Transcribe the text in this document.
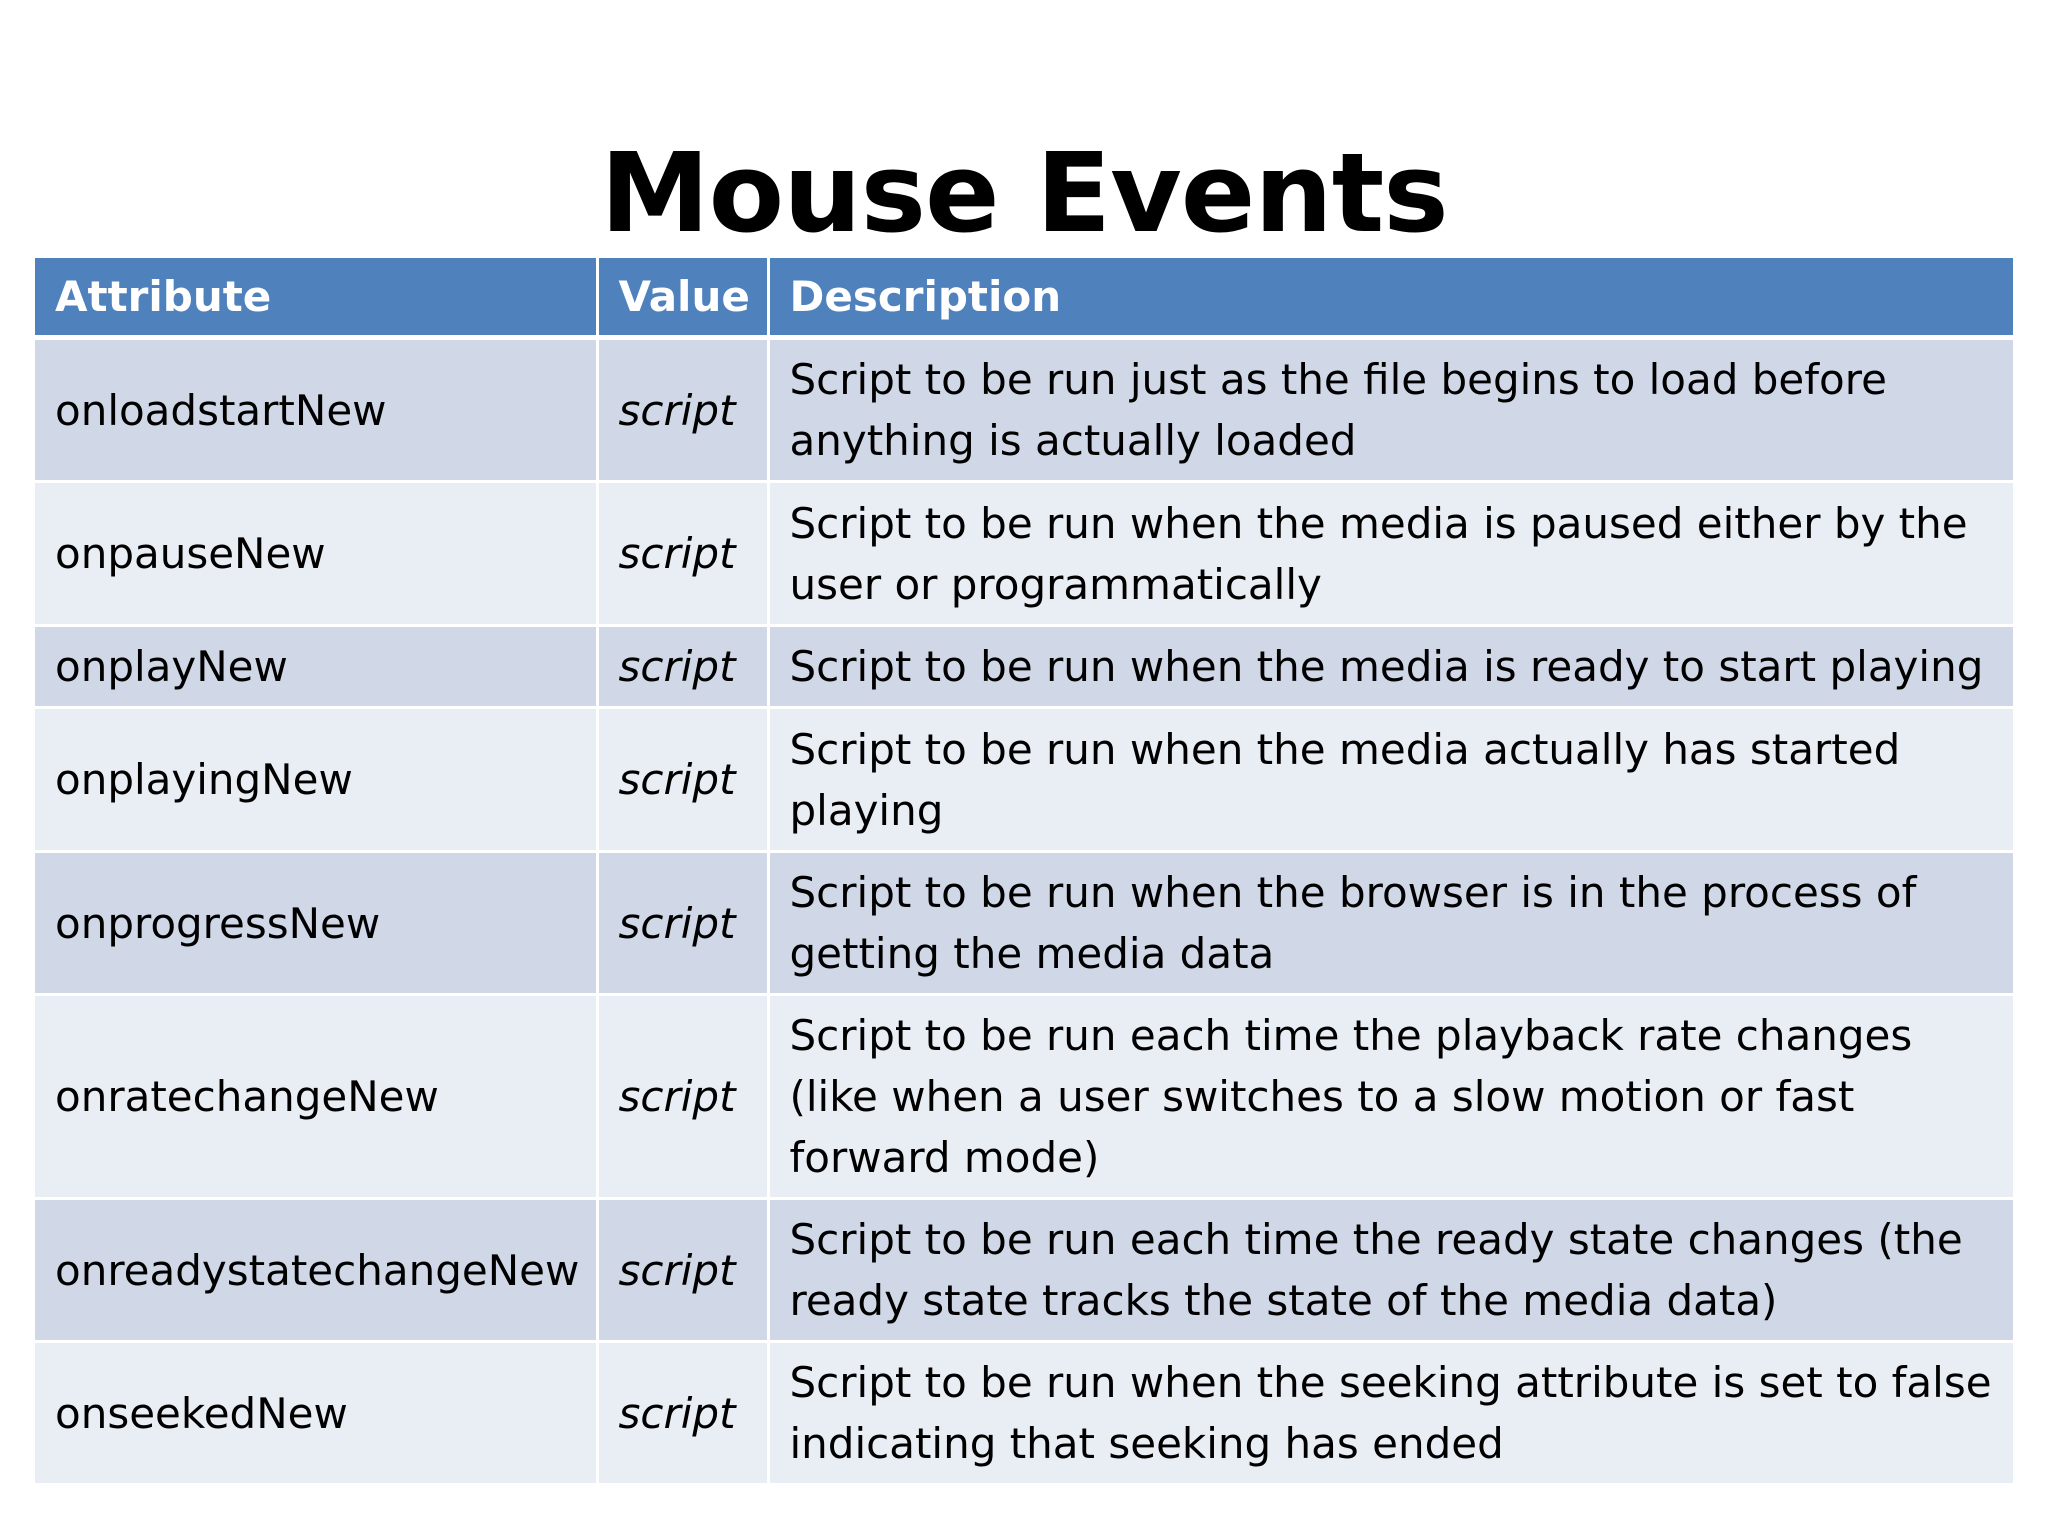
Mouse Events
Attribute	Value	Description
onloadstartNew	script	Script to be run just as the file begins to load before anything is actually loaded
onpauseNew	script	Script to be run when the media is paused either by the user or programmatically
onplayNew	script	Script to be run when the media is ready to start playing
onplayingNew	script	Script to be run when the media actually has started playing
onprogressNew	script	Script to be run when the browser is in the process of getting the media data
onratechangeNew	script	Script to be run each time the playback rate changes (like when a user switches to a slow motion or fast forward mode)
onreadystatechangeNew	script	Script to be run each time the ready state changes (the ready state tracks the state of the media data)
onseekedNew	script	Script to be run when the seeking attribute is set to false indicating that seeking has ended
